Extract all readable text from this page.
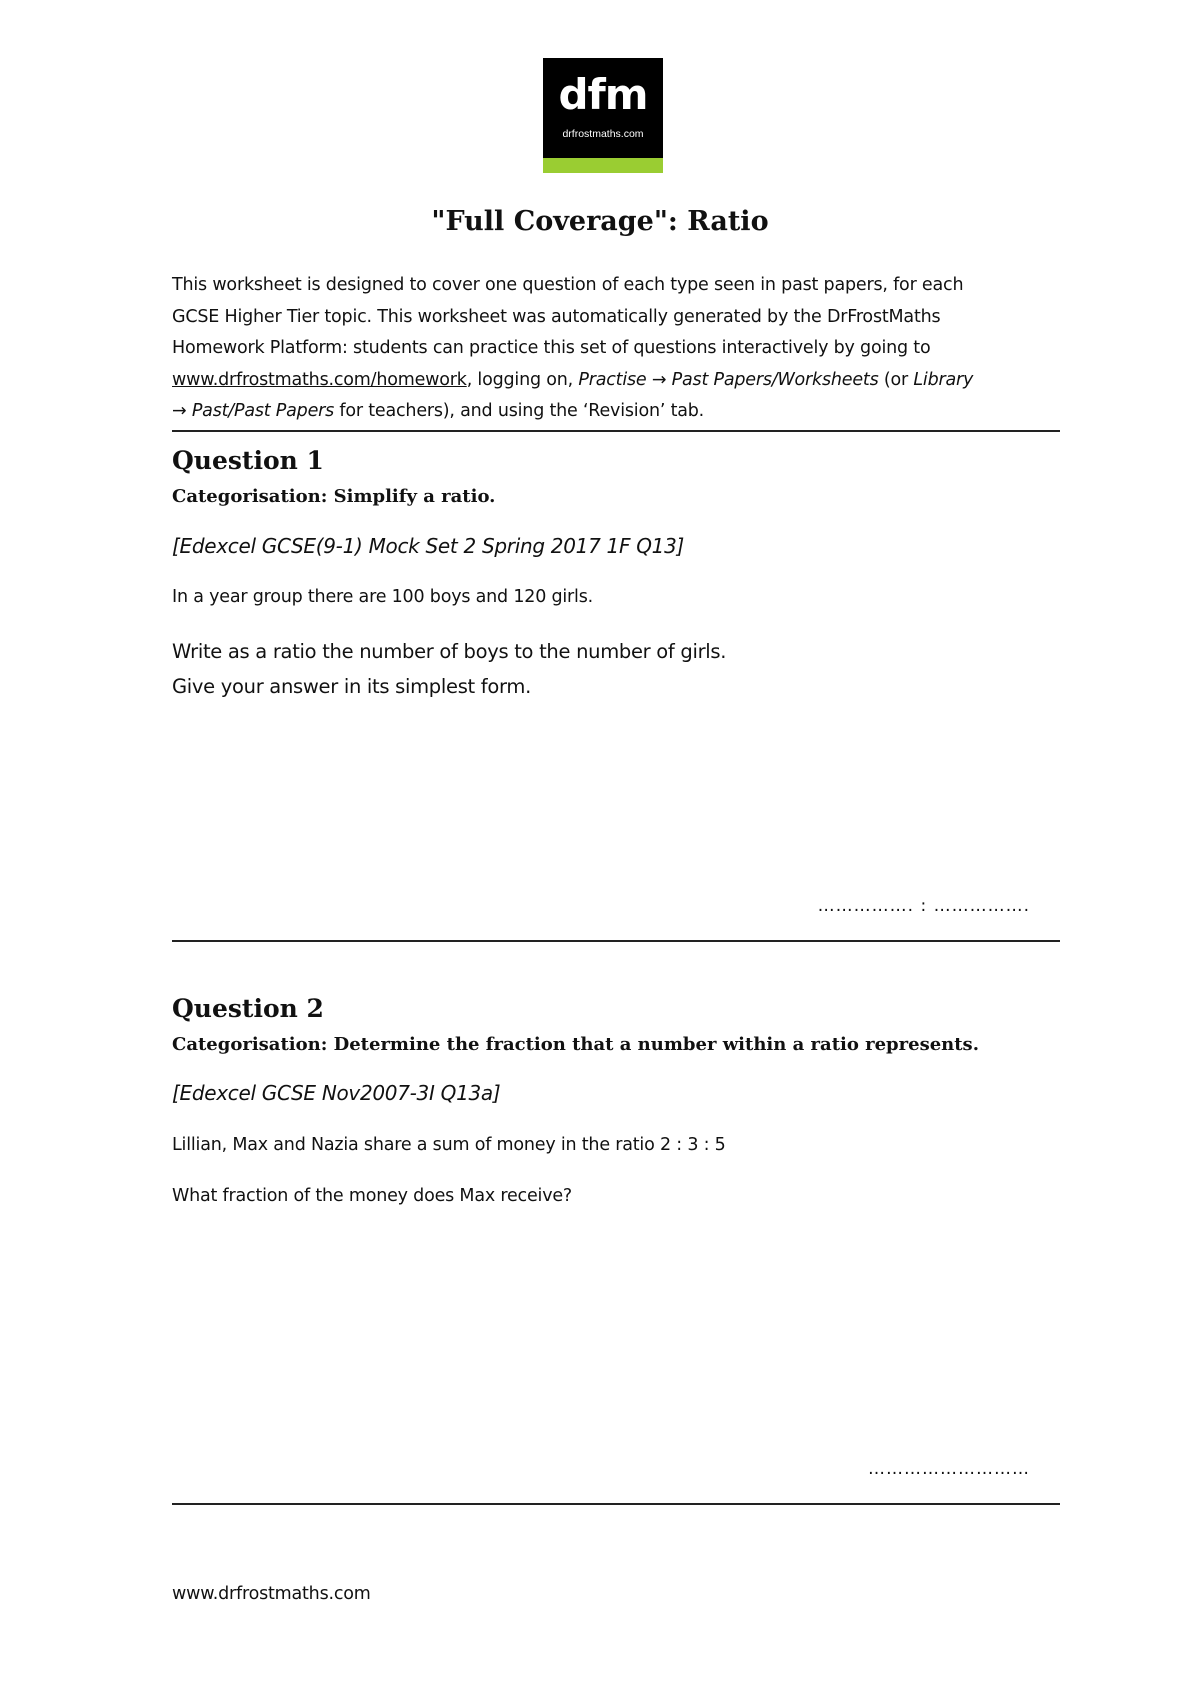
dfm
drfrostmaths.com
"Full Coverage": Ratio
This worksheet is designed to cover one question of each type seen in past papers, for each
GCSE Higher Tier topic. This worksheet was automatically generated by the DrFrostMaths
Homework Platform: students can practice this set of questions interactively by going to
www.drfrostmaths.com/homework, logging on, Practise → Past Papers/Worksheets (or Library
→ Past/Past Papers for teachers), and using the ‘Revision’ tab.
Question 1
Categorisation: Simplify a ratio.
[Edexcel GCSE(9-1) Mock Set 2 Spring 2017 1F Q13]
In a year group there are 100 boys and 120 girls.
Write as a ratio the number of boys to the number of girls.
Give your answer in its simplest form.
……………. : …………….
Question 2
Categorisation: Determine the fraction that a number within a ratio represents.
[Edexcel GCSE Nov2007-3I Q13a]
Lillian, Max and Nazia share a sum of money in the ratio 2 : 3 : 5
What fraction of the money does Max receive?
………………………
www.drfrostmaths.com
